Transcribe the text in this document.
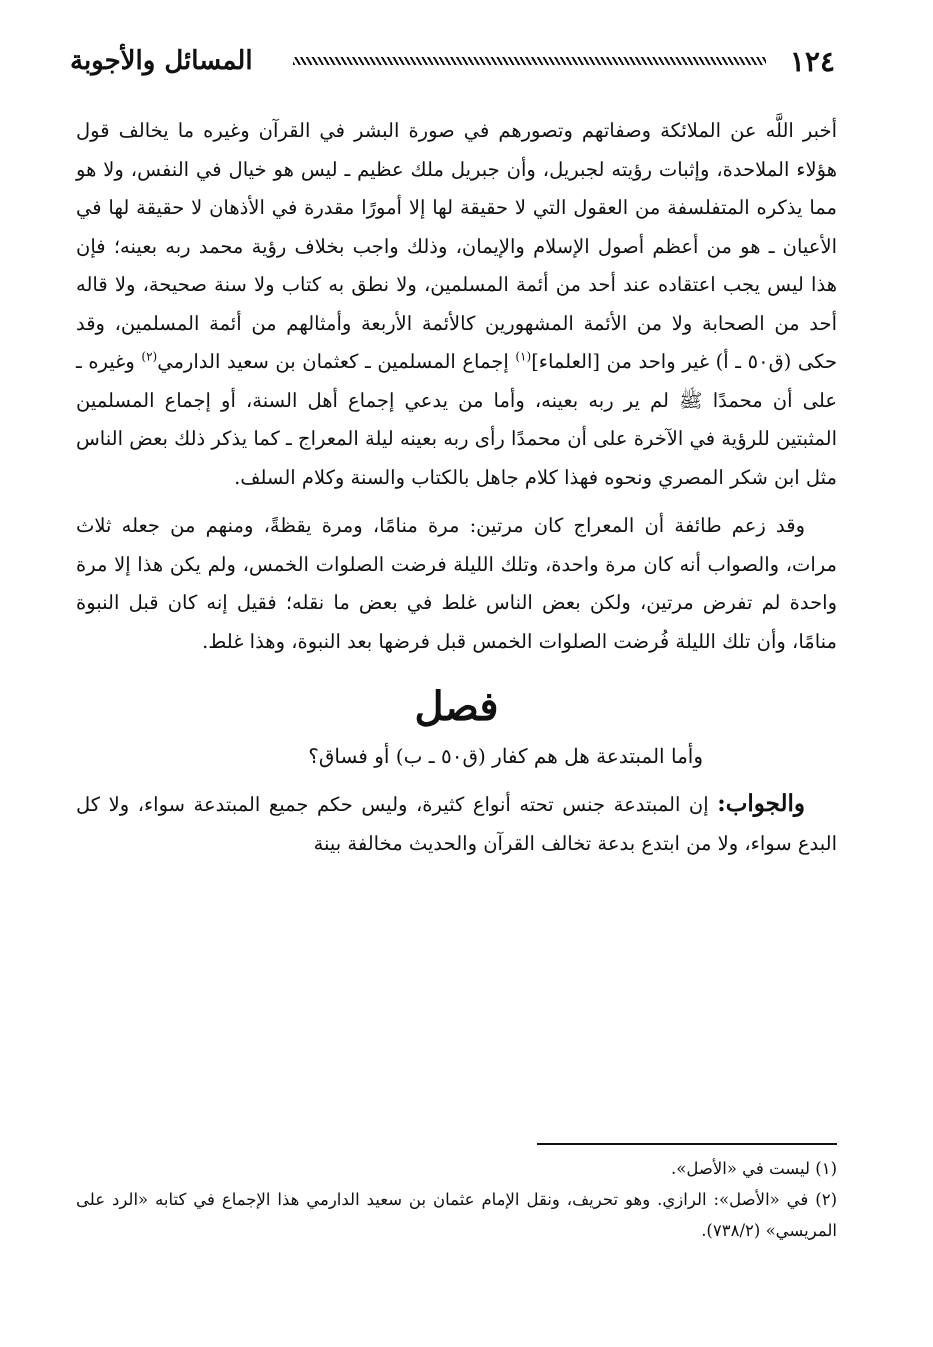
١٢٤
المسائل والأجوبة

أخبر اللَّه عن الملائكة وصفاتهم وتصورهم في صورة البشر في القرآن وغيره ما يخالف قول هؤلاء الملاحدة، وإثبات رؤيته لجبريل، وأن جبريل ملك عظيم ـ ليس هو خيال في النفس، ولا هو مما يذكره المتفلسفة من العقول التي لا حقيقة لها إلا أمورًا مقدرة في الأذهان لا حقيقة لها في الأعيان ـ هو من أعظم أصول الإسلام والإيمان، وذلك واجب بخلاف رؤية محمد ربه بعينه؛ فإن هذا ليس يجب اعتقاده عند أحد من أئمة المسلمين، ولا نطق به كتاب ولا سنة صحيحة، ولا قاله أحد من الصحابة ولا من الأئمة المشهورين كالأئمة الأربعة وأمثالهم من أئمة المسلمين، وقد حكى (ق٥٠ ـ أ) غير واحد من [العلماء]$^{(١)}$ إجماع المسلمين ـ كعثمان بن سعيد الدارمي$^{(٢)}$ وغيره ـ على أن محمدًا ﷺ لم ير ربه بعينه، وأما من يدعي إجماع أهل السنة، أو إجماع المسلمين المثبتين للرؤية في الآخرة على أن محمدًا رأى ربه بعينه ليلة المعراج ـ كما يذكر ذلك بعض الناس مثل ابن شكر المصري ونحوه فهذا كلام جاهل بالكتاب والسنة وكلام السلف.

وقد زعم طائفة أن المعراج كان مرتين: مرة منامًا، ومرة يقظةً، ومنهم من جعله ثلاث مرات، والصواب أنه كان مرة واحدة، وتلك الليلة فرضت الصلوات الخمس، ولم يكن هذا إلا مرة واحدة لم تفرض مرتين، ولكن بعض الناس غلط في بعض ما نقله؛ فقيل إنه كان قبل النبوة منامًا، وأن تلك الليلة فُرضت الصلوات الخمس قبل فرضها بعد النبوة، وهذا غلط.

فصل

وأما المبتدعة هل هم كفار (ق٥٠ ـ ب) أو فساق؟

والجواب: إن المبتدعة جنس تحته أنواع كثيرة، وليس حكم جميع المبتدعة سواء، ولا كل البدع سواء، ولا من ابتدع بدعة تخالف القرآن والحديث مخالفة بينة

(١) ليست في «الأصل».

(٢) في «الأصل»: الرازي. وهو تحريف، ونقل الإمام عثمان بن سعيد الدارمي هذا الإجماع في كتابه «الرد على المريسي» (٧٣٨/٢).
